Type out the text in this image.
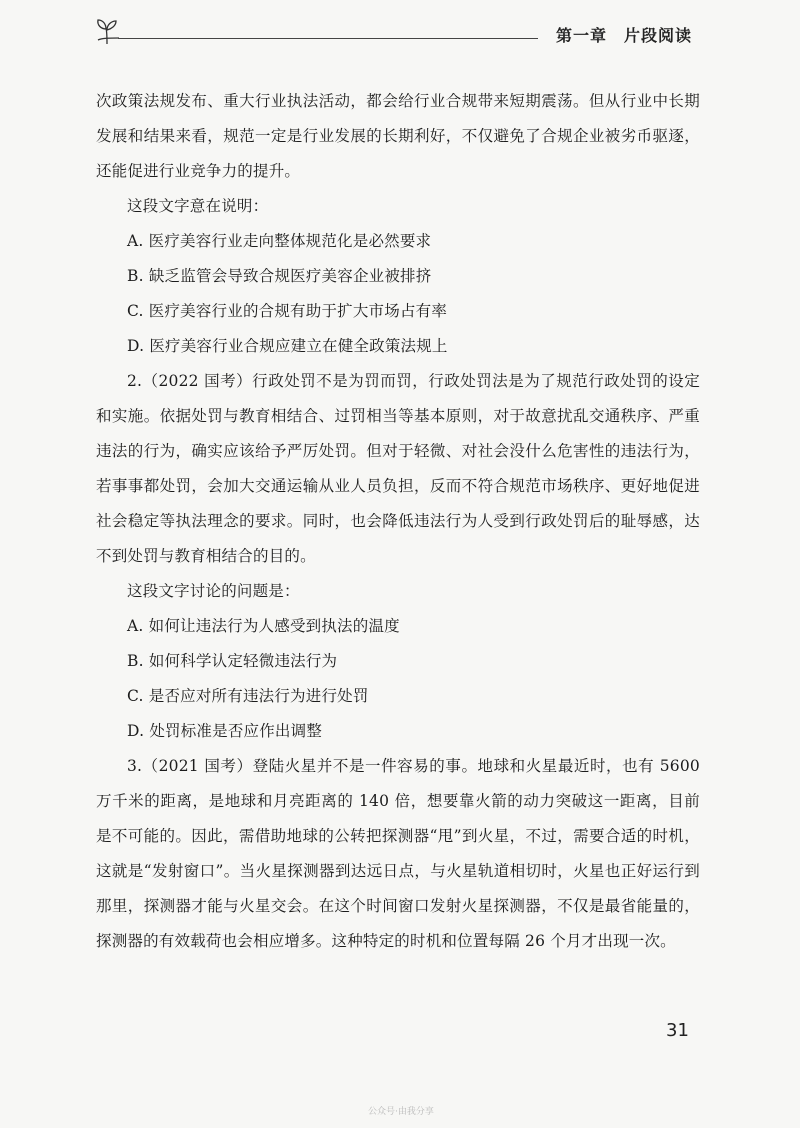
第一章　片段阅读

次政策法规发布、重大行业执法活动，都会给行业合规带来短期震荡。但从行业中长期发展和结果来看，规范一定是行业发展的长期利好，不仅避免了合规企业被劣币驱逐，还能促进行业竞争力的提升。

这段文字意在说明：

A. 医疗美容行业走向整体规范化是必然要求

B. 缺乏监管会导致合规医疗美容企业被排挤

C. 医疗美容行业的合规有助于扩大市场占有率

D. 医疗美容行业合规应建立在健全政策法规上

2.（2022 国考）行政处罚不是为罚而罚，行政处罚法是为了规范行政处罚的设定和实施。依据处罚与教育相结合、过罚相当等基本原则，对于故意扰乱交通秩序、严重违法的行为，确实应该给予严厉处罚。但对于轻微、对社会没什么危害性的违法行为，若事事都处罚，会加大交通运输从业人员负担，反而不符合规范市场秩序、更好地促进社会稳定等执法理念的要求。同时，也会降低违法行为人受到行政处罚后的耻辱感，达不到处罚与教育相结合的目的。

这段文字讨论的问题是：

A. 如何让违法行为人感受到执法的温度

B. 如何科学认定轻微违法行为

C. 是否应对所有违法行为进行处罚

D. 处罚标准是否应作出调整

3.（2021 国考）登陆火星并不是一件容易的事。地球和火星最近时，也有 5600 万千米的距离，是地球和月亮距离的 140 倍，想要靠火箭的动力突破这一距离，目前是不可能的。因此，需借助地球的公转把探测器“甩”到火星，不过，需要合适的时机，这就是“发射窗口”。当火星探测器到达远日点，与火星轨道相切时，火星也正好运行到那里，探测器才能与火星交会。在这个时间窗口发射火星探测器，不仅是最省能量的，探测器的有效载荷也会相应增多。这种特定的时机和位置每隔 26 个月才出现一次。

31
公众号·由我分享
